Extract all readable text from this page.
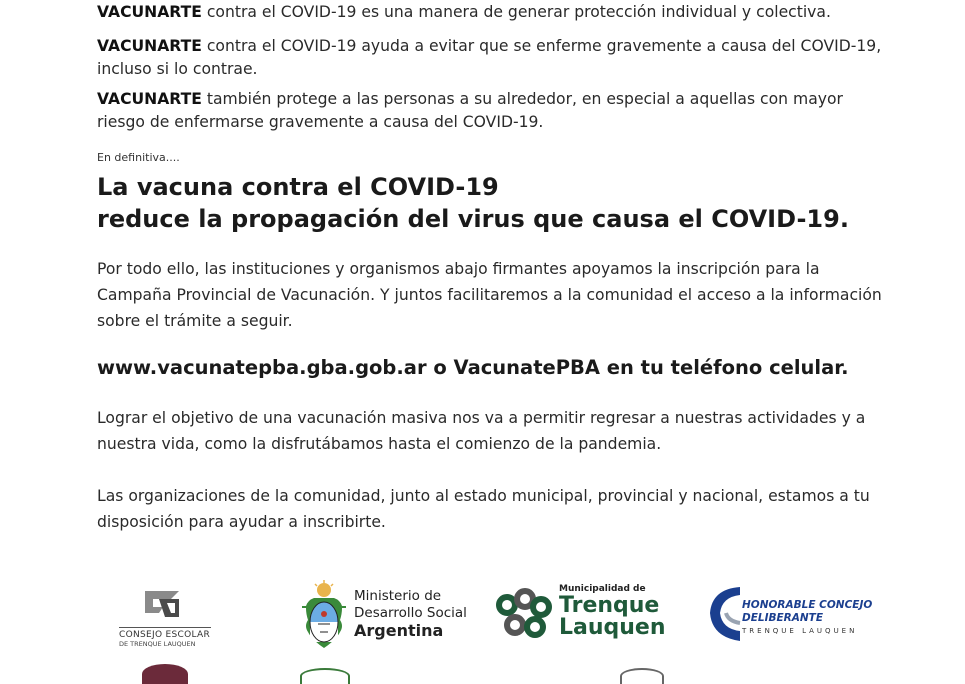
VACUNARTE contra el COVID-19 es una manera de generar protección individual y colectiva.

VACUNARTE contra el COVID-19 ayuda a evitar que se enferme gravemente a causa del COVID-19, incluso si lo contrae.

VACUNARTE también protege a las personas a su alrededor, en especial a aquellas con mayor riesgo de enfermarse gravemente a causa del COVID-19.

En definitiva....
La vacuna contra el COVID-19
reduce la propagación del virus que causa el COVID-19.

Por todo ello, las instituciones y organismos abajo firmantes apoyamos la inscripción para la Campaña Provincial de Vacunación. Y juntos facilitaremos a la comunidad el acceso a la información sobre el trámite a seguir.

www.vacunatepba.gba.gob.ar o VacunatePBA en tu teléfono celular.

Lograr el objetivo de una vacunación masiva nos va a permitir regresar a nuestras actividades y a nuestra vida, como la disfrutábamos hasta el comienzo de la pandemia.

Las organizaciones de la comunidad, junto al estado municipal, provincial y nacional, estamos a tu disposición para ayudar a inscribirte.

CONSEJO ESCOLAR
DE TRENQUE LAUQUEN
Ministerio de
Desarrollo Social
Argentina
Municipalidad de
Trenque
Lauquen
HONORABLE CONCEJO
DELIBERANTE
TRENQUE LAUQUEN
